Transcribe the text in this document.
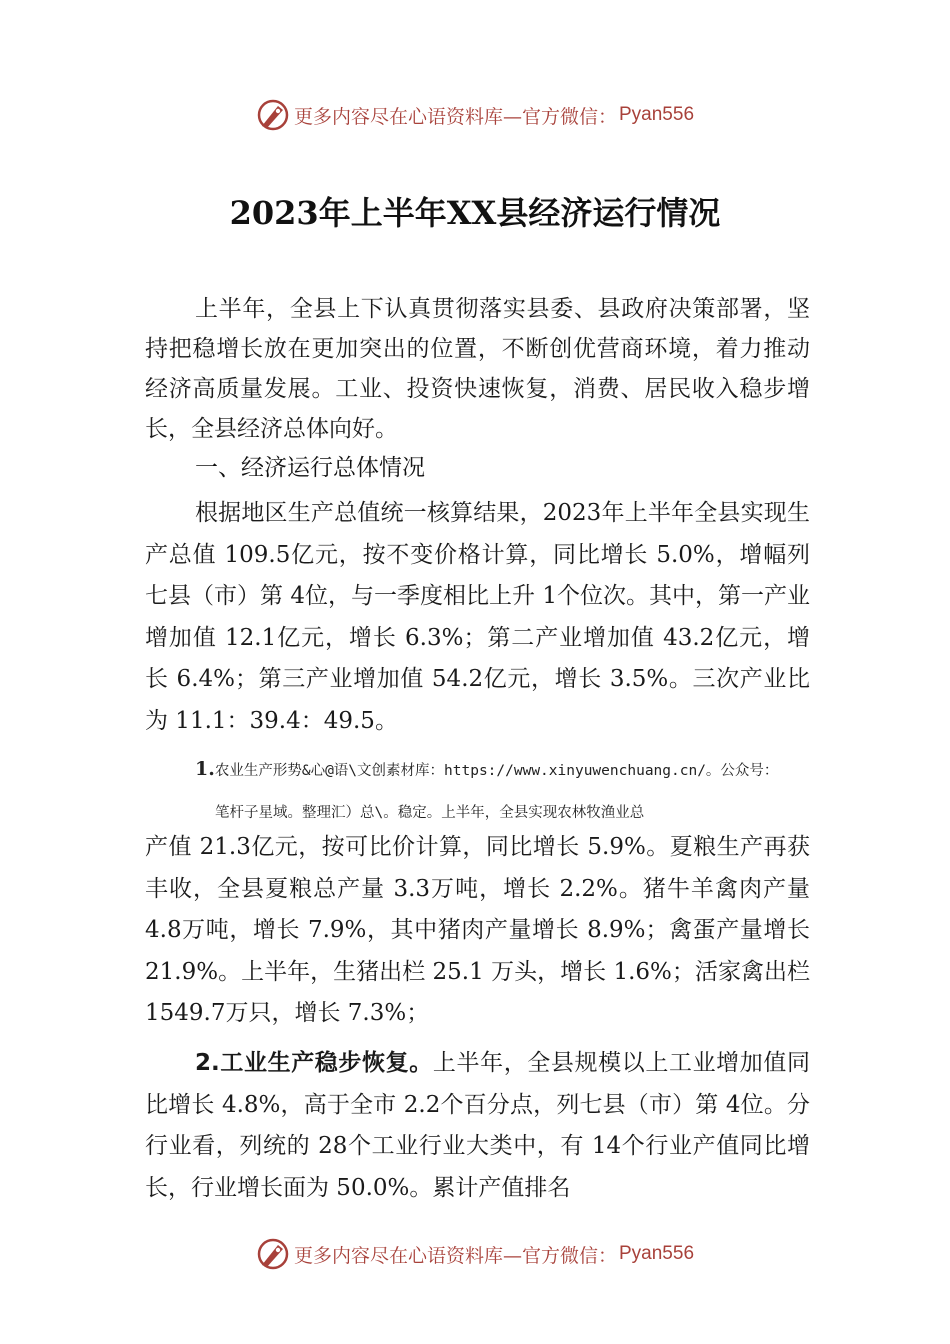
更多内容尽在心语资料库—官方微信： Pyan556
2023年上半年XX县经济运行情况
上半年，全县上下认真贯彻落实县委、县政府决策部署，坚持把稳增长放在更加突出的位置，不断创优营商环境，着力推动经济高质量发展。工业、投资快速恢复，消费、居民收入稳步增长，全县经济总体向好。
一、经济运行总体情况
根据地区生产总值统一核算结果，2023年上半年全县实现生产总值 109.5亿元，按不变价格计算，同比增长 5.0%，增幅列七县（市）第 4位，与一季度相比上升 1个位次。其中，第一产业增加值 12.1亿元，增长 6.3%；第二产业增加值 43.2亿元，增长 6.4%；第三产业增加值 54.2亿元，增长 3.5%。三次产业比为 11.1：39.4：49.5。
1.农业生产形势&心@语\文创素材库：https://www.xinyuwenchuang.cn/。公众号：
笔杆子星域。整理汇）总\。稳定。上半年，全县实现农林牧渔业总
产值 21.3亿元，按可比价计算，同比增长 5.9%。夏粮生产再获丰收，全县夏粮总产量 3.3万吨，增长 2.2%。猪牛羊禽肉产量 4.8万吨，增长 7.9%，其中猪肉产量增长 8.9%；禽蛋产量增长 21.9%。上半年，生猪出栏 25.1 万头，增长 1.6%；活家禽出栏 1549.7万只，增长 7.3%；
2.工业生产稳步恢复。上半年，全县规模以上工业增加值同比增长 4.8%，高于全市 2.2个百分点，列七县（市）第 4位。分行业看，列统的 28个工业行业大类中，有 14个行业产值同比增长，行业增长面为 50.0%。累计产值排名
更多内容尽在心语资料库—官方微信： Pyan556
